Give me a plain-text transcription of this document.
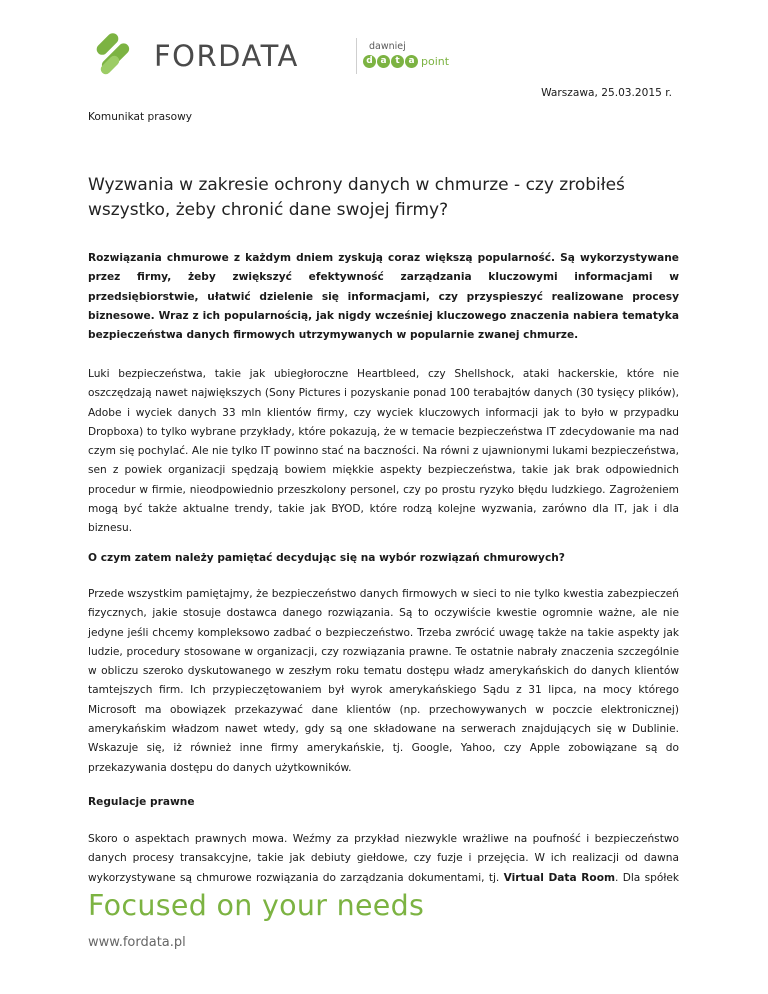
FORDATA	dawniej
d a t a point
Warszawa, 25.03.2015 r.
Komunikat prasowy
Wyzwania w zakresie ochrony danych w chmurze - czy zrobiłeś wszystko, żeby chronić dane swojej firmy?
Rozwiązania chmurowe z każdym dniem zyskują coraz większą popularność. Są wykorzystywane przez firmy, żeby zwiększyć efektywność zarządzania kluczowymi informacjami w przedsiębiorstwie, ułatwić dzielenie się informacjami, czy przyspieszyć realizowane procesy biznesowe. Wraz z ich popularnością, jak nigdy wcześniej kluczowego znaczenia nabiera tematyka bezpieczeństwa danych firmowych utrzymywanych w popularnie zwanej chmurze.
Luki bezpieczeństwa, takie jak ubiegłoroczne Heartbleed, czy Shellshock, ataki hackerskie, które nie oszczędzają nawet największych (Sony Pictures i pozyskanie ponad 100 terabajtów danych (30 tysięcy plików), Adobe i wyciek danych 33 mln klientów firmy, czy wyciek kluczowych informacji jak to było w przypadku Dropboxa) to tylko wybrane przykłady, które pokazują, że w temacie bezpieczeństwa IT zdecydowanie ma nad czym się pochylać. Ale nie tylko IT powinno stać na baczności. Na równi z ujawnionymi lukami bezpieczeństwa, sen z powiek organizacji spędzają bowiem miękkie aspekty bezpieczeństwa, takie jak brak odpowiednich procedur w firmie, nieodpowiednio przeszkolony personel, czy po prostu ryzyko błędu ludzkiego. Zagrożeniem mogą być także aktualne trendy, takie jak BYOD, które rodzą kolejne wyzwania, zarówno dla IT, jak i dla biznesu.
O czym zatem należy pamiętać decydując się na wybór rozwiązań chmurowych?
Przede wszystkim pamiętajmy, że bezpieczeństwo danych firmowych w sieci to nie tylko kwestia zabezpieczeń fizycznych, jakie stosuje dostawca danego rozwiązania. Są to oczywiście kwestie ogromnie ważne, ale nie jedyne jeśli chcemy kompleksowo zadbać o bezpieczeństwo. Trzeba zwrócić uwagę także na takie aspekty jak ludzie, procedury stosowane w organizacji, czy rozwiązania prawne. Te ostatnie nabrały znaczenia szczególnie w obliczu szeroko dyskutowanego w zeszłym roku tematu dostępu władz amerykańskich do danych klientów tamtejszych firm. Ich przypieczętowaniem był wyrok amerykańskiego Sądu z 31 lipca, na mocy którego Microsoft ma obowiązek przekazywać dane klientów (np. przechowywanych w poczcie elektronicznej) amerykańskim władzom nawet wtedy, gdy są one składowane na serwerach znajdujących się w Dublinie. Wskazuje się, iż również inne firmy amerykańskie, tj. Google, Yahoo, czy Apple zobowiązane są do przekazywania dostępu do danych użytkowników.
Regulacje prawne
Skoro o aspektach prawnych mowa. Weźmy za przykład niezwykle wrażliwe na poufność i bezpieczeństwo danych procesy transakcyjne, takie jak debiuty giełdowe, czy fuzje i przejęcia. W ich realizacji od dawna wykorzystywane są chmurowe rozwiązania do zarządzania dokumentami, tj. Virtual Data Room. Dla spółek
Focused on your needs
www.fordata.pl
